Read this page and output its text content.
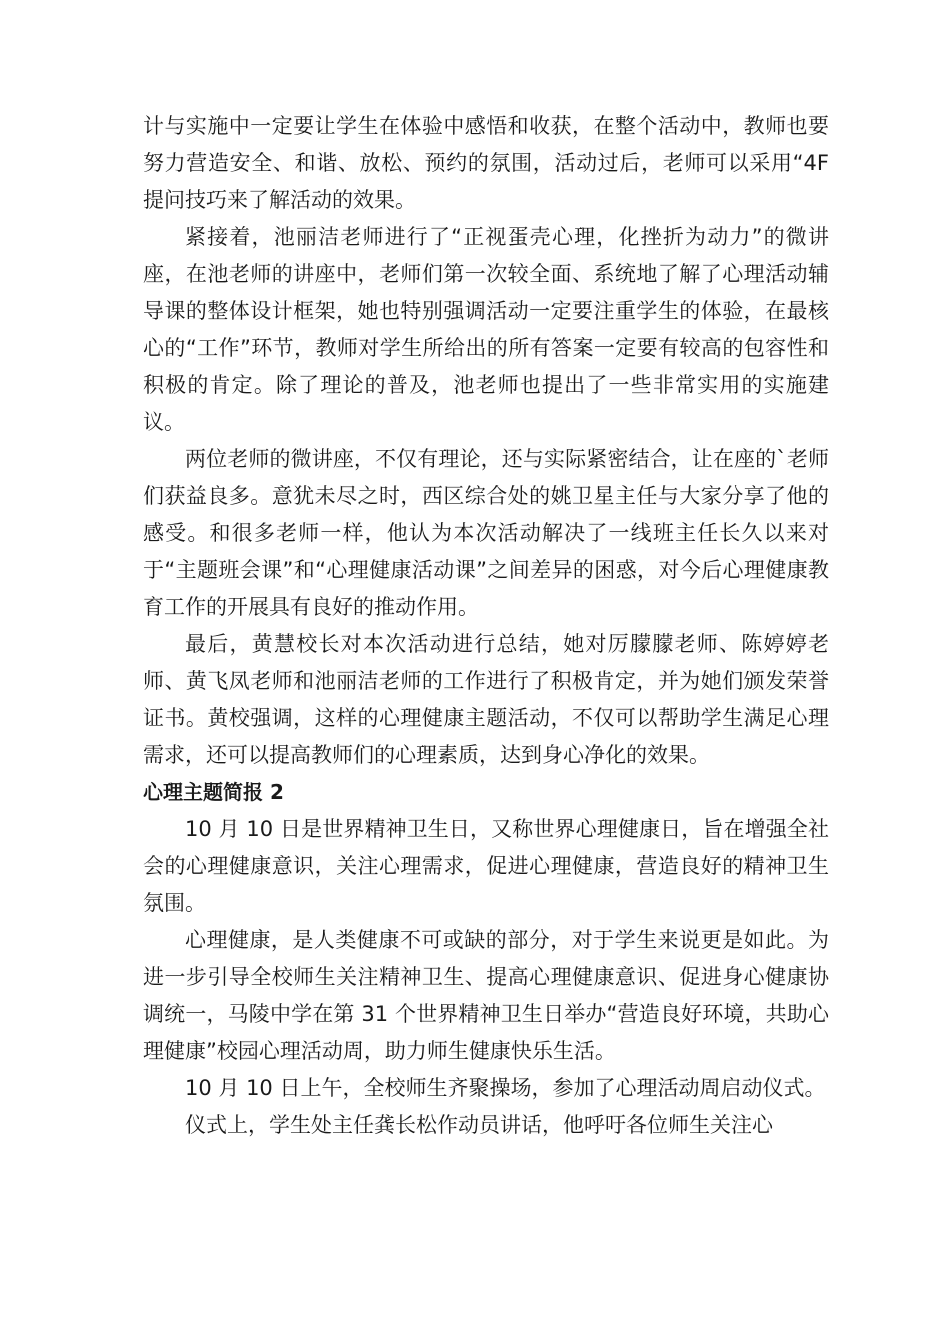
计与实施中一定要让学生在体验中感悟和收获，在整个活动中，教师也要努力营造安全、和谐、放松、预约的氛围，活动过后，老师可以采用“4F 提问技巧来了解活动的效果。

紧接着，池丽洁老师进行了“正视蛋壳心理，化挫折为动力”的微讲座，在池老师的讲座中，老师们第一次较全面、系统地了解了心理活动辅导课的整体设计框架，她也特别强调活动一定要注重学生的体验，在最核心的“工作”环节，教师对学生所给出的所有答案一定要有较高的包容性和积极的肯定。除了理论的普及，池老师也提出了一些非常实用的实施建议。

两位老师的微讲座，不仅有理论，还与实际紧密结合，让在座的`老师们获益良多。意犹未尽之时，西区综合处的姚卫星主任与大家分享了他的感受。和很多老师一样，他认为本次活动解决了一线班主任长久以来对于“主题班会课”和“心理健康活动课”之间差异的困惑，对今后心理健康教育工作的开展具有良好的推动作用。

最后，黄慧校长对本次活动进行总结，她对厉朦朦老师、陈婷婷老师、黄飞凤老师和池丽洁老师的工作进行了积极肯定，并为她们颁发荣誉证书。黄校强调，这样的心理健康主题活动，不仅可以帮助学生满足心理需求，还可以提高教师们的心理素质，达到身心净化的效果。

心理主题简报 2

10 月 10 日是世界精神卫生日，又称世界心理健康日，旨在增强全社会的心理健康意识，关注心理需求，促进心理健康，营造良好的精神卫生氛围。

心理健康，是人类健康不可或缺的部分，对于学生来说更是如此。为进一步引导全校师生关注精神卫生、提高心理健康意识、促进身心健康协调统一，马陵中学在第 31 个世界精神卫生日举办“营造良好环境，共助心理健康”校园心理活动周，助力师生健康快乐生活。

10 月 10 日上午，全校师生齐聚操场，参加了心理活动周启动仪式。

仪式上，学生处主任龚长松作动员讲话，他呼吁各位师生关注心
